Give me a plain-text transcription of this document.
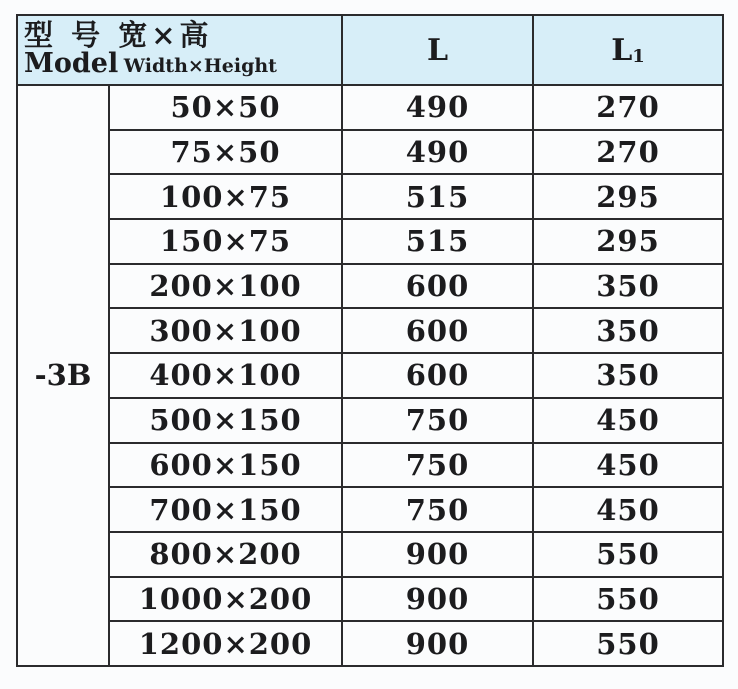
型 号 宽×高
Model Width×Height		L	L1
-3B	50×50	490	270
	75×50	490	270
	100×75	515	295
	150×75	515	295
	200×100	600	350
	300×100	600	350
	400×100	600	350
	500×150	750	450
	600×150	750	450
	700×150	750	450
	800×200	900	550
	1000×200	900	550
	1200×200	900	550
